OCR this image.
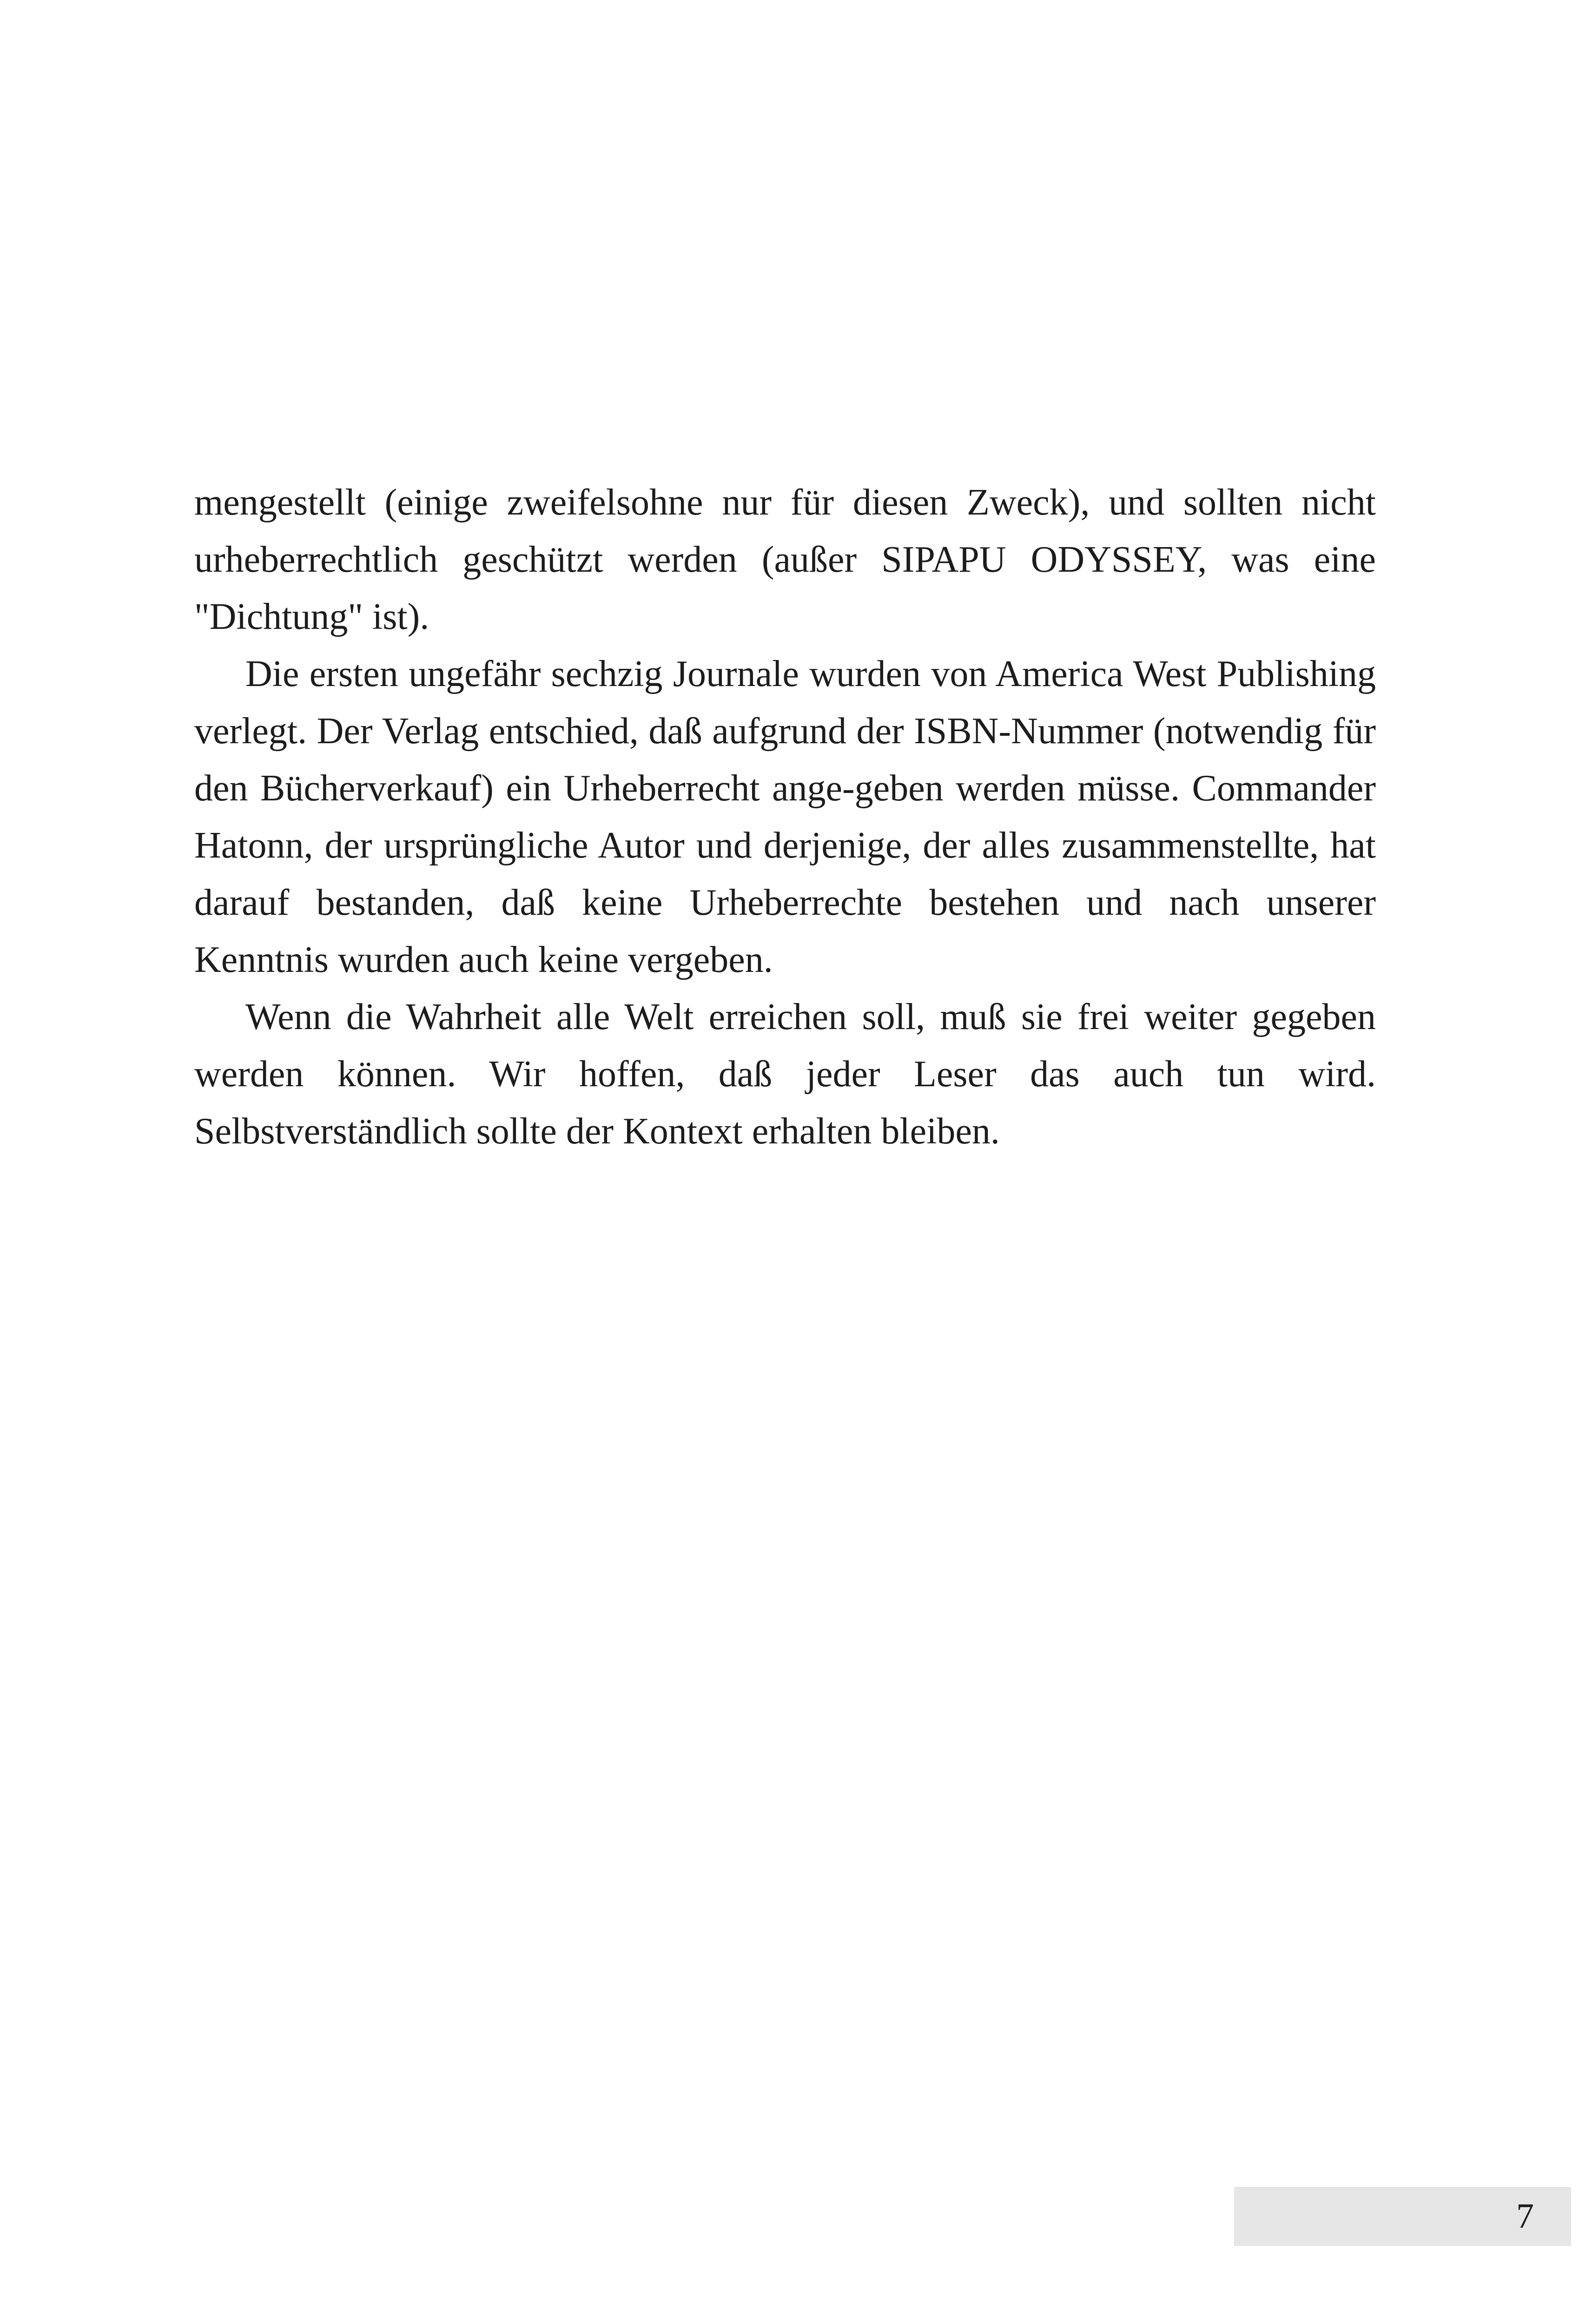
mengestellt (einige zweifelsohne nur für diesen Zweck), und sollten nicht urheberrechtlich geschützt werden (außer SIPAPU ODYSSEY, was eine "Dichtung" ist).

Die ersten ungefähr sechzig Journale wurden von America West Publishing verlegt. Der Verlag entschied, daß aufgrund der ISBN-Nummer (notwendig für den Bücherverkauf) ein Urheberrecht ange-geben werden müsse. Commander Hatonn, der ursprüngliche Autor und derjenige, der alles zusammenstellte, hat darauf bestanden, daß keine Urheberrechte bestehen und nach unserer Kenntnis wurden auch keine vergeben.

Wenn die Wahrheit alle Welt erreichen soll, muß sie frei weiter gegeben werden können. Wir hoffen, daß jeder Leser das auch tun wird. Selbstverständlich sollte der Kontext erhalten bleiben.

7
